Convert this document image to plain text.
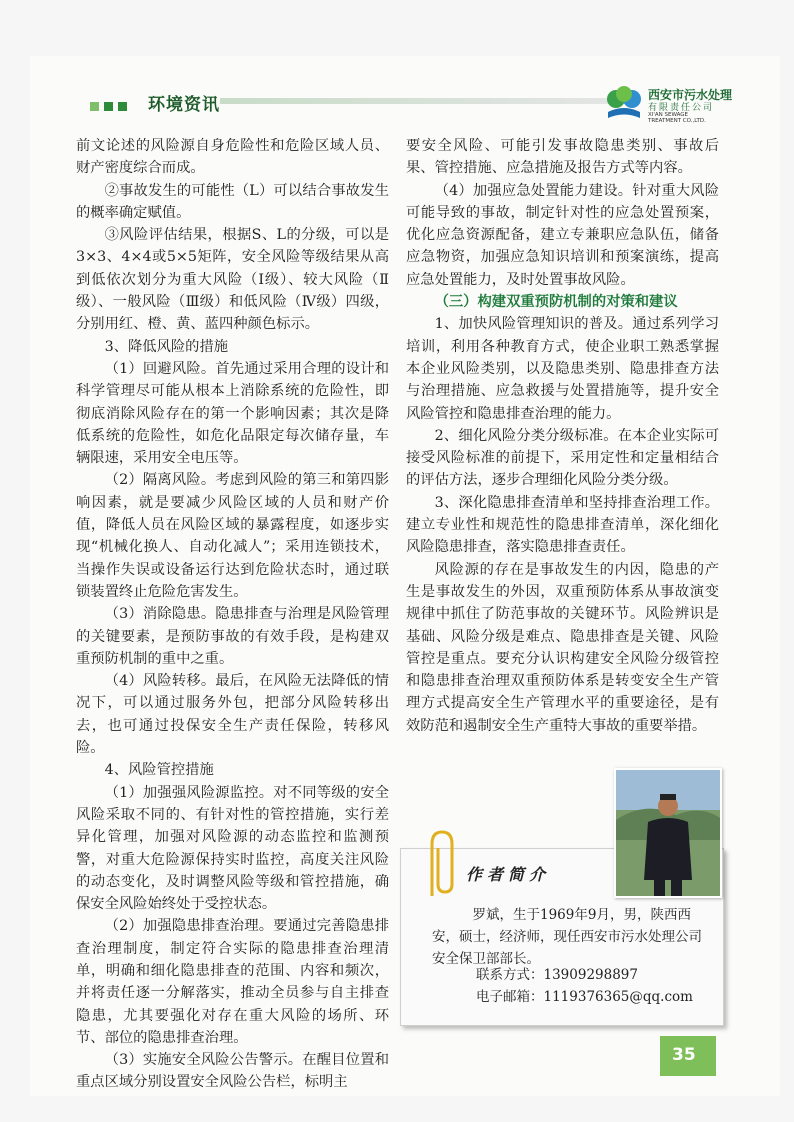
环境资讯	西安市污水处理
有限责任公司
XI'AN SEWAGE
TREATMENT CO.,LTD.

前文论述的风险源自身危险性和危险区域人员、财产密度综合而成。

②事故发生的可能性（L）可以结合事故发生的概率确定赋值。

③风险评估结果，根据S、L的分级，可以是3×3、4×4或5×5矩阵，安全风险等级结果从高到低依次划分为重大风险（Ⅰ级）、较大风险（Ⅱ级）、一般风险（Ⅲ级）和低风险（Ⅳ级）四级，分别用红、橙、黄、蓝四种颜色标示。

3、降低风险的措施

（1）回避风险。首先通过采用合理的设计和科学管理尽可能从根本上消除系统的危险性，即彻底消除风险存在的第一个影响因素；其次是降低系统的危险性，如危化品限定每次储存量，车辆限速，采用安全电压等。

（2）隔离风险。考虑到风险的第三和第四影响因素，就是要减少风险区域的人员和财产价值，降低人员在风险区域的暴露程度，如逐步实现“机械化换人、自动化减人”；采用连锁技术，当操作失误或设备运行达到危险状态时，通过联锁装置终止危险危害发生。

（3）消除隐患。隐患排查与治理是风险管理的关键要素，是预防事故的有效手段，是构建双重预防机制的重中之重。

（4）风险转移。最后，在风险无法降低的情况下，可以通过服务外包，把部分风险转移出去，也可通过投保安全生产责任保险，转移风险。

4、风险管控措施

（1）加强强风险源监控。对不同等级的安全风险采取不同的、有针对性的管控措施，实行差异化管理，加强对风险源的动态监控和监测预警，对重大危险源保持实时监控，高度关注风险的动态变化，及时调整风险等级和管控措施，确保安全风险始终处于受控状态。

（2）加强隐患排查治理。要通过完善隐患排查治理制度，制定符合实际的隐患排查治理清单，明确和细化隐患排查的范围、内容和频次，并将责任逐一分解落实，推动全员参与自主排查隐患，尤其要强化对存在重大风险的场所、环节、部位的隐患排查治理。

（3）实施安全风险公告警示。在醒目位置和重点区域分别设置安全风险公告栏，标明主

要安全风险、可能引发事故隐患类别、事故后果、管控措施、应急措施及报告方式等内容。

（4）加强应急处置能力建设。针对重大风险可能导致的事故，制定针对性的应急处置预案，优化应急资源配备，建立专兼职应急队伍，储备应急物资，加强应急知识培训和预案演练，提高应急处置能力，及时处置事故风险。

（三）构建双重预防机制的对策和建议

1、加快风险管理知识的普及。通过系列学习培训，利用各种教育方式，使企业职工熟悉掌握本企业风险类别，以及隐患类别、隐患排查方法与治理措施、应急救援与处置措施等，提升安全风险管控和隐患排查治理的能力。

2、细化风险分类分级标准。在本企业实际可接受风险标准的前提下，采用定性和定量相结合的评估方法，逐步合理细化风险分类分级。

3、深化隐患排查清单和坚持排查治理工作。建立专业性和规范性的隐患排查清单，深化细化风险隐患排查，落实隐患排查责任。

风险源的存在是事故发生的内因，隐患的产生是事故发生的外因，双重预防体系从事故演变规律中抓住了防范事故的关键环节。风险辨识是基础、风险分级是难点、隐患排查是关键、风险管控是重点。要充分认识构建安全风险分级管控和隐患排查治理双重预防体系是转变安全生产管理方式提高安全生产管理水平的重要途径，是有效防范和遏制安全生产重特大事故的重要举措。

作者简介
罗斌，生于1969年9月，男，陕西西安，硕士，经济师，现任西安市污水处理公司安全保卫部部长。
联系方式：13909298897
电子邮箱：1119376365@qq.com
35
